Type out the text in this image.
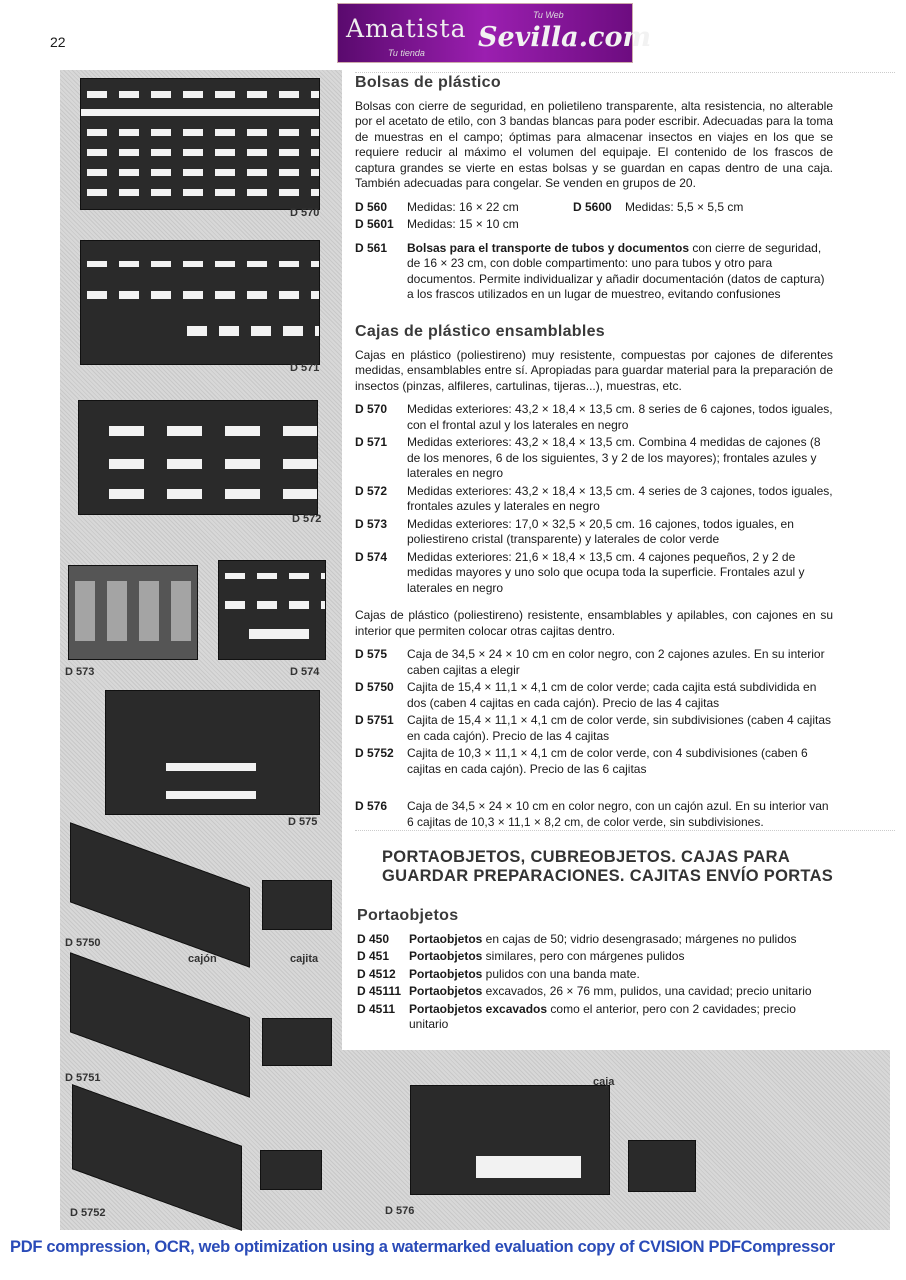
22	Amatista Sevilla.com
Tu Web
Tu tienda
D 570
D 571
D 572
D 573	D 574
D 575
D 5750
cajón	cajita
D 5751	caja
D 5752	D 576
Bolsas de plástico

Bolsas con cierre de seguridad, en polietileno transparente, alta resistencia, no alterable por el acetato de etilo, con 3 bandas blancas para poder escribir. Adecuadas para la toma de muestras en el campo; óptimas para almacenar insectos en viajes en los que se requiere reducir al máximo el volumen del equipaje. El contenido de los frascos de captura grandes se vierte en estas bolsas y se guardan en capas dentro de una caja. También adecuadas para congelar. Se venden en grupos de 20.

D 560	Medidas: 16 × 22 cm	D 5600	Medidas: 5,5 × 5,5 cm
D 5601	Medidas: 15 × 10 cm
D 561	Bolsas para el transporte de tubos y documentos con cierre de seguridad, de 16 × 23 cm, con doble compartimento: uno para tubos y otro para documentos. Permite individualizar y añadir documentación (datos de captura) a los frascos utilizados en un lugar de muestreo, evitando confusiones
Cajas de plástico ensamblables

Cajas en plástico (poliestireno) muy resistente, compuestas por cajones de diferentes medidas, ensamblables entre sí. Apropiadas para guardar material para la preparación de insectos (pinzas, alfileres, cartulinas, tijeras...), muestras, etc.

D 570	Medidas exteriores: 43,2 × 18,4 × 13,5 cm. 8 series de 6 cajones, todos iguales, con el frontal azul y los laterales en negro
D 571	Medidas exteriores: 43,2 × 18,4 × 13,5 cm. Combina 4 medidas de cajones (8 de los menores, 6 de los siguientes, 3 y 2 de los mayores); frontales azules y laterales en negro
D 572	Medidas exteriores: 43,2 × 18,4 × 13,5 cm. 4 series de 3 cajones, todos iguales, frontales azules y laterales en negro
D 573	Medidas exteriores: 17,0 × 32,5 × 20,5 cm. 16 cajones, todos iguales, en poliestireno cristal (transparente) y laterales de color verde
D 574	Medidas exteriores: 21,6 × 18,4 × 13,5 cm. 4 cajones pequeños, 2 y 2 de medidas mayores y uno solo que ocupa toda la superficie. Frontales azul y laterales en negro

Cajas de plástico (poliestireno) resistente, ensamblables y apilables, con cajones en su interior que permiten colocar otras cajitas dentro.

D 575	Caja de 34,5 × 24 × 10 cm en color negro, con 2 cajones azules. En su interior caben cajitas a elegir
D 5750	Cajita de 15,4 × 11,1 × 4,1 cm de color verde; cada cajita está subdividida en dos (caben 4 cajitas en cada cajón). Precio de las 4 cajitas
D 5751	Cajita de 15,4 × 11,1 × 4,1 cm de color verde, sin subdivisiones (caben 4 cajitas en cada cajón). Precio de las 4 cajitas
D 5752	Cajita de 10,3 × 11,1 × 4,1 cm de color verde, con 4 subdivisiones (caben 6 cajitas en cada cajón). Precio de las 6 cajitas
D 576	Caja de 34,5 × 24 × 10 cm en color negro, con un cajón azul. En su interior van 6 cajitas de 10,3 × 11,1 × 8,2 cm, de color verde, sin subdivisiones.
PORTAOBJETOS, CUBREOBJETOS. CAJAS PARA
GUARDAR PREPARACIONES. CAJITAS ENVÍO PORTAS
Portaobjetos
D 450	Portaobjetos en cajas de 50; vidrio desengrasado; márgenes no pulidos
D 451	Portaobjetos similares, pero con márgenes pulidos
D 4512	Portaobjetos pulidos con una banda mate.
D 45111 Portaobjetos excavados, 26 × 76 mm, pulidos, una cavidad; precio unitario
D 4511	Portaobjetos excavados como el anterior, pero con 2 cavidades; precio unitario
PDF compression, OCR, web optimization using a watermarked evaluation copy of CVISION PDFCompressor
